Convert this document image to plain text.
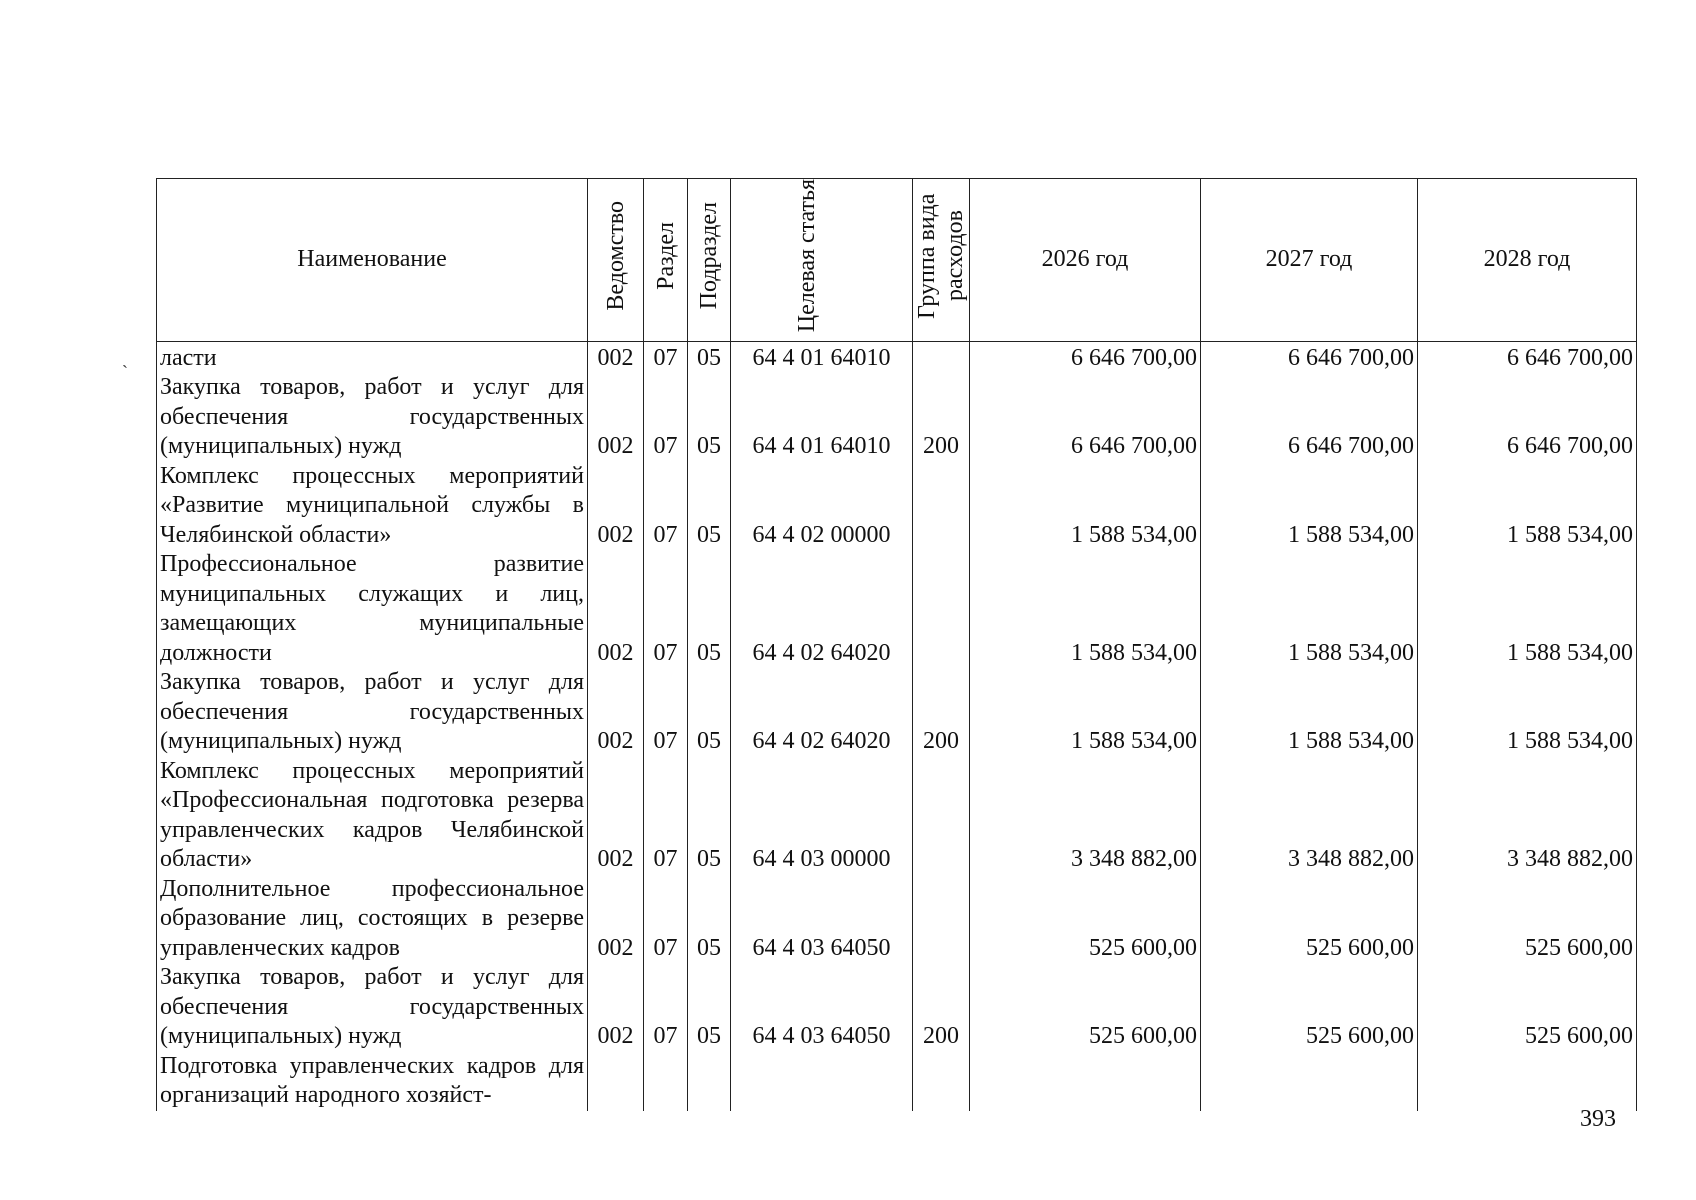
ˋ
Наименование	Ведомство	Раздел	Подраздел	Целевая статья	Группа вида расходов	2026 год	2027 год	2028 год
ласти	002	07	05	64 4 01 64010		6 646 700,00	6 646 700,00	6 646 700,00
Закупка товаров, работ и услуг для обеспечения государственных (муниципальных) нужд	002	07	05	64 4 01 64010	200	6 646 700,00	6 646 700,00	6 646 700,00
Комплекс процессных мероприятий «Развитие муниципальной службы в Челябинской области»	002	07	05	64 4 02 00000		1 588 534,00	1 588 534,00	1 588 534,00
Профессиональное развитие муниципальных служащих и лиц, замещающих муниципальные должности	002	07	05	64 4 02 64020		1 588 534,00	1 588 534,00	1 588 534,00
Закупка товаров, работ и услуг для обеспечения государственных (муниципальных) нужд	002	07	05	64 4 02 64020	200	1 588 534,00	1 588 534,00	1 588 534,00
Комплекс процессных мероприятий «Профессиональная подготовка резерва управленческих кадров Челябинской области»	002	07	05	64 4 03 00000		3 348 882,00	3 348 882,00	3 348 882,00
Дополнительное профессиональное образование лиц, состоящих в резерве управленческих кадров	002	07	05	64 4 03 64050		525 600,00	525 600,00	525 600,00
Закупка товаров, работ и услуг для обеспечения государственных (муниципальных) нужд	002	07	05	64 4 03 64050	200	525 600,00	525 600,00	525 600,00
Подготовка управленческих кадров для организаций народного хозяйст-								
393
